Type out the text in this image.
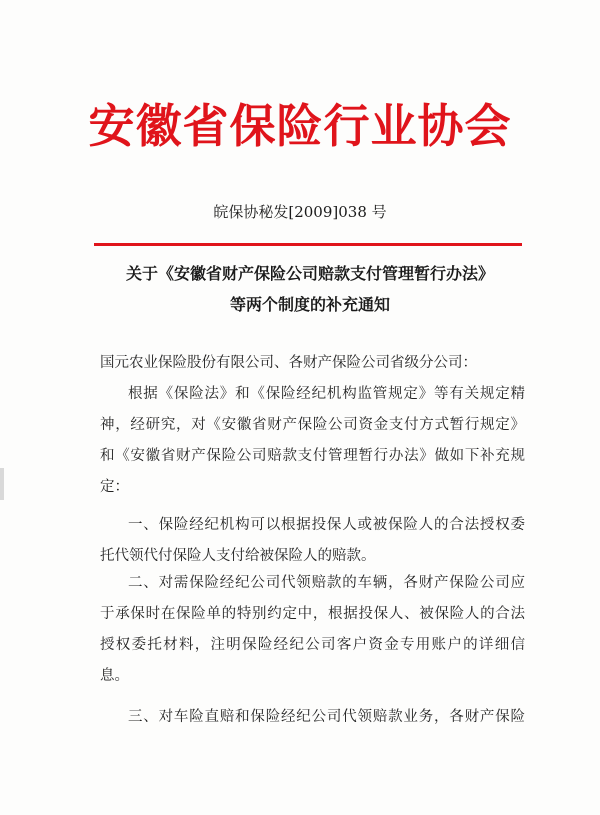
安徽省保险行业协会
皖保协秘发[2009]038 号
关于《安徽省财产保险公司赔款支付管理暂行办法》
等两个制度的补充通知
国元农业保险股份有限公司、各财产保险公司省级分公司：
根据《保险法》和《保险经纪机构监管规定》等有关规定精
神，经研究，对《安徽省财产保险公司资金支付方式暂行规定》
和《安徽省财产保险公司赔款支付管理暂行办法》做如下补充规
定：
一、保险经纪机构可以根据投保人或被保险人的合法授权委
托代领代付保险人支付给被保险人的赔款。
二、对需保险经纪公司代领赔款的车辆，各财产保险公司应
于承保时在保险单的特别约定中，根据投保人、被保险人的合法
授权委托材料，注明保险经纪公司客户资金专用账户的详细信
息。
三、对车险直赔和保险经纪公司代领赔款业务，各财产保险
